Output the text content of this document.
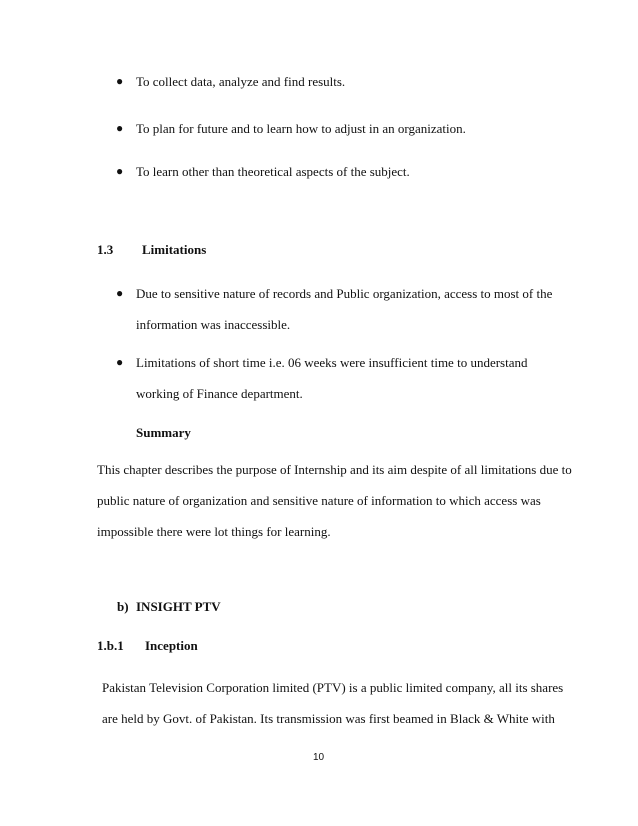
● To collect data, analyze and find results.
● To plan for future and to learn how to adjust in an organization.
● To learn other than theoretical aspects of the subject.
1.3 Limitations
● Due to sensitive nature of records and Public organization, access to most of the
information was inaccessible.
● Limitations of short time i.e. 06 weeks were insufficient time to understand
working of Finance department.
Summary
This chapter describes the purpose of Internship and its aim despite of all limitations due to
public nature of organization and sensitive nature of information to which access was
impossible there were lot things for learning.
b) INSIGHT PTV
1.b.1 Inception
Pakistan Television Corporation limited (PTV) is a public limited company, all its shares
are held by Govt. of Pakistan. Its transmission was first beamed in Black & White with
10
